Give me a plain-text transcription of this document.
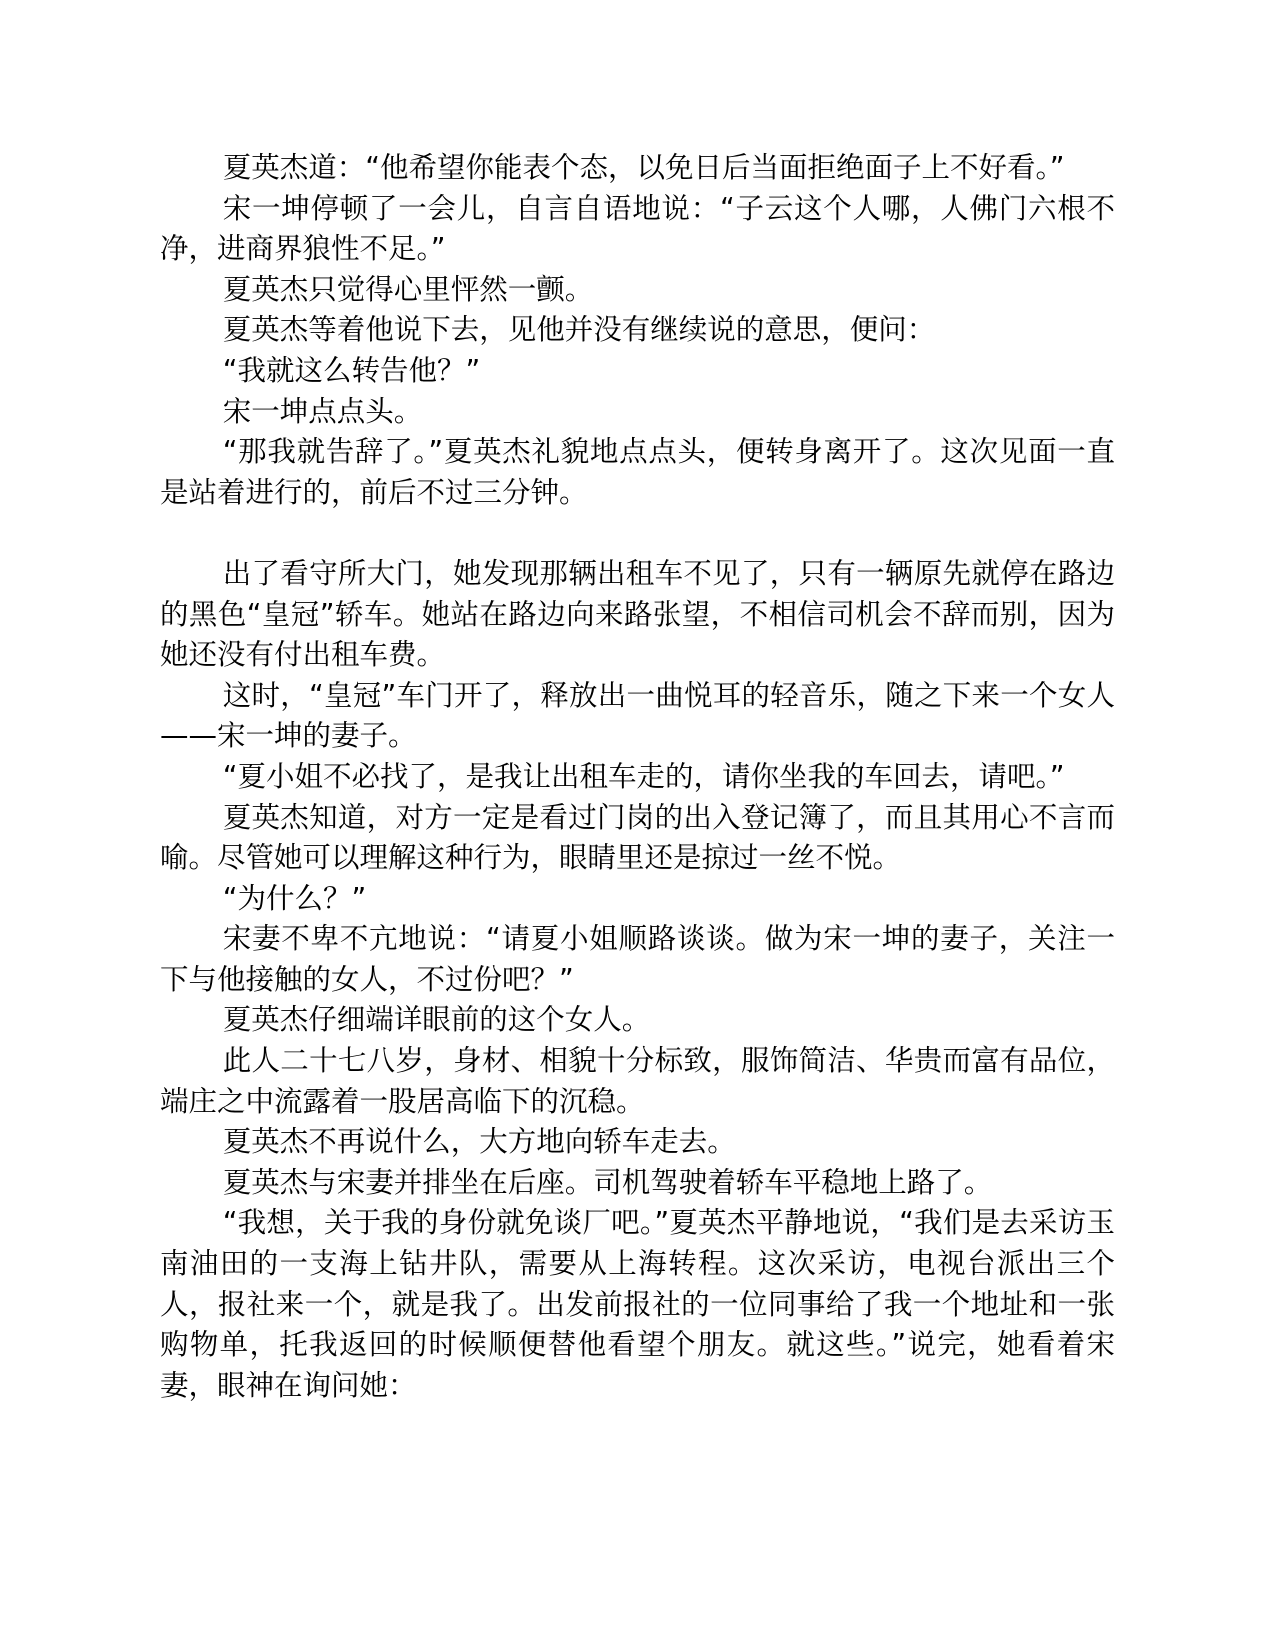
夏英杰道：“他希望你能表个态，以免日后当面拒绝面子上不好看。”

宋一坤停顿了一会儿，自言自语地说：“子云这个人哪，人佛门六根不净，进商界狼性不足。”

夏英杰只觉得心里怦然一颤。

夏英杰等着他说下去，见他并没有继续说的意思，便问：

“我就这么转告他？”

宋一坤点点头。

“那我就告辞了。”夏英杰礼貌地点点头，便转身离开了。这次见面一直是站着进行的，前后不过三分钟。

出了看守所大门，她发现那辆出租车不见了，只有一辆原先就停在路边的黑色“皇冠”轿车。她站在路边向来路张望，不相信司机会不辞而别，因为她还没有付出租车费。

这时，“皇冠”车门开了，释放出一曲悦耳的轻音乐，随之下来一个女人——宋一坤的妻子。

“夏小姐不必找了，是我让出租车走的，请你坐我的车回去，请吧。”

夏英杰知道，对方一定是看过门岗的出入登记簿了，而且其用心不言而喻。尽管她可以理解这种行为，眼睛里还是掠过一丝不悦。

“为什么？”

宋妻不卑不亢地说：“请夏小姐顺路谈谈。做为宋一坤的妻子，关注一下与他接触的女人，不过份吧？”

夏英杰仔细端详眼前的这个女人。

此人二十七八岁，身材、相貌十分标致，服饰简洁、华贵而富有品位，端庄之中流露着一股居高临下的沉稳。

夏英杰不再说什么，大方地向轿车走去。

夏英杰与宋妻并排坐在后座。司机驾驶着轿车平稳地上路了。

“我想，关于我的身份就免谈厂吧。”夏英杰平静地说，“我们是去采访玉南油田的一支海上钻井队，需要从上海转程。这次采访，电视台派出三个人，报社来一个，就是我了。出发前报社的一位同事给了我一个地址和一张购物单，托我返回的时候顺便替他看望个朋友。就这些。”说完，她看着宋妻，眼神在询问她：
